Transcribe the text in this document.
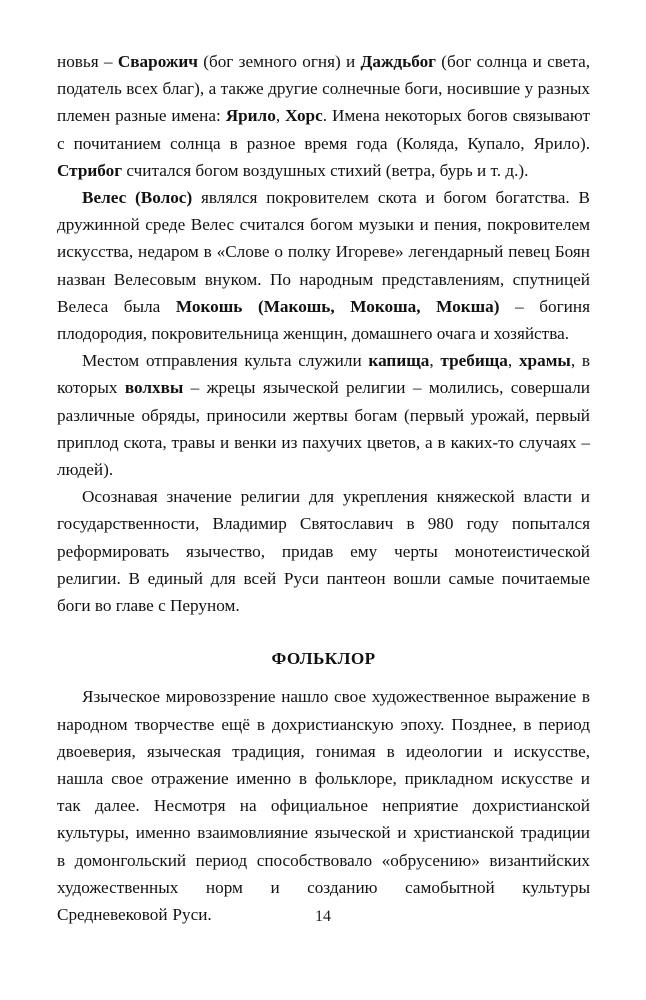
новья – Сварожич (бог земного огня) и Даждьбог (бог солнца и света, податель всех благ), а также другие солнечные боги, носившие у разных племен разные имена: Ярило, Хорс. Имена некоторых богов связывают с почитанием солнца в разное время года (Коляда, Купало, Ярило). Стрибог считался богом воздушных стихий (ветра, бурь и т. д.).

Велес (Волос) являлся покровителем скота и богом богатства. В дружинной среде Велес считался богом музыки и пения, покровителем искусства, недаром в «Слове о полку Игореве» легендарный певец Боян назван Велесовым внуком. По народным представлениям, спутницей Велеса была Мокошь (Макошь, Мокоша, Мокша) – богиня плодородия, покровительница женщин, домашнего очага и хозяйства.

Местом отправления культа служили капища, требища, храмы, в которых волхвы – жрецы языческой религии – молились, совершали различные обряды, приносили жертвы богам (первый урожай, первый приплод скота, травы и венки из пахучих цветов, а в каких-то случаях – людей).

Осознавая значение религии для укрепления княжеской власти и государственности, Владимир Святославич в 980 году попытался реформировать язычество, придав ему черты монотеистической религии. В единый для всей Руси пантеон вошли самые почитаемые боги во главе с Перуном.

ФОЛЬКЛОР

Языческое мировоззрение нашло свое художественное выражение в народном творчестве ещё в дохристианскую эпоху. Позднее, в период двоеверия, языческая традиция, гонимая в идеологии и искусстве, нашла свое отражение именно в фольклоре, прикладном искусстве и так далее. Несмотря на официальное неприятие дохристианской культуры, именно взаимовлияние языческой и христианской традиции в домонгольский период способствовало «обрусению» византийских художественных норм и созданию самобытной культуры Средневековой Руси.	14
